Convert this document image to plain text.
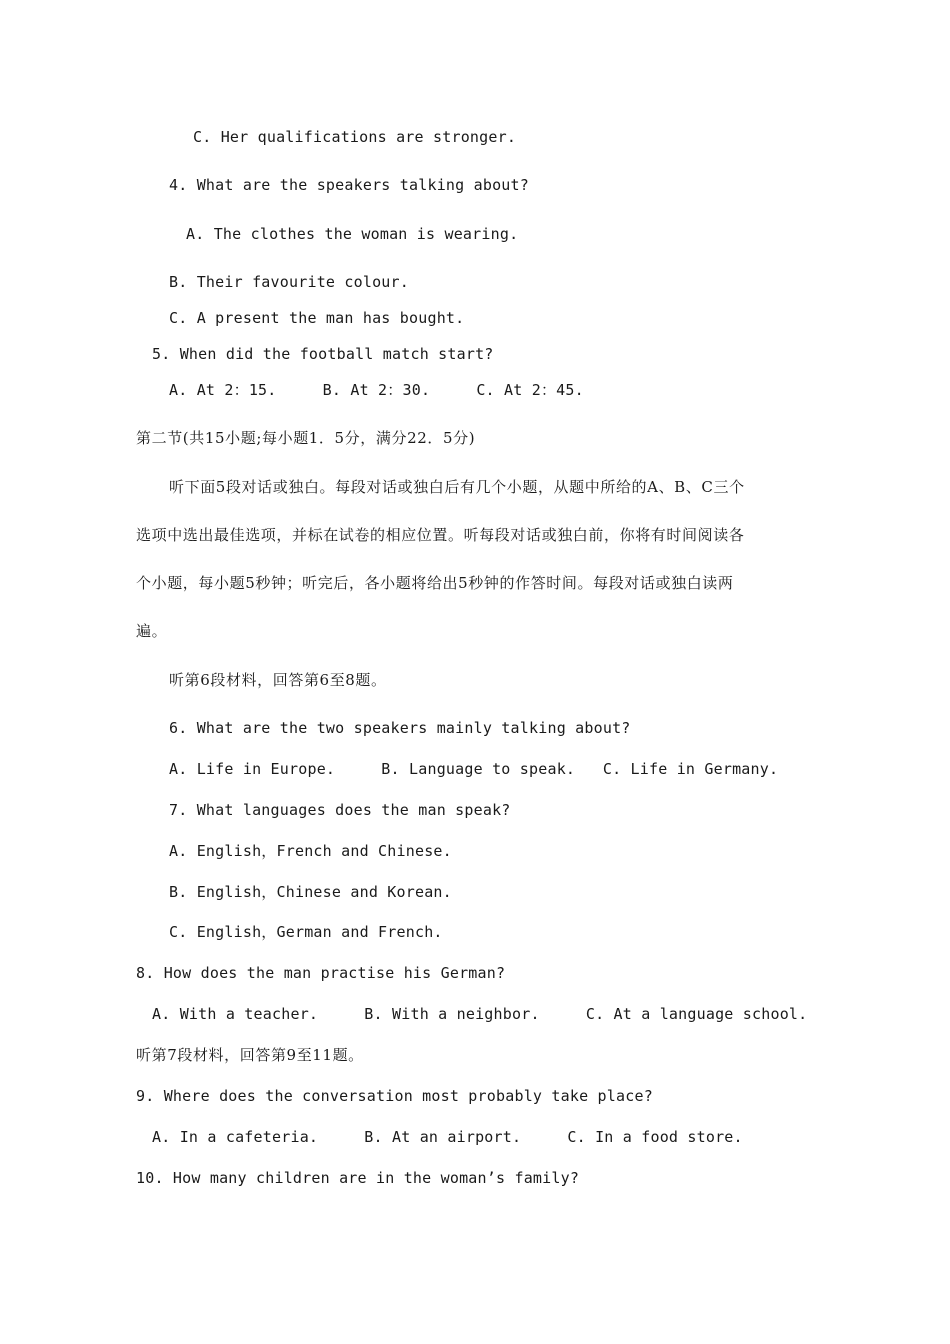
C. Her qualifications are stronger.
4. What are the speakers talking about?
A. The clothes the woman is wearing.
B. Their favourite colour.
C. A present the man has bought.
5. When did the football match start?
A. At 2：15.     B. At 2：30.     C. At 2：45.
第二节(共15小题;每小题1．5分，满分22．5分)
听下面5段对话或独白。每段对话或独白后有几个小题，从题中所给的A、B、C三个
选项中选出最佳选项，并标在试卷的相应位置。听每段对话或独白前，你将有时间阅读各
个小题，每小题5秒钟；听完后，各小题将给出5秒钟的作答时间。每段对话或独白读两
遍。
听第6段材料，回答第6至8题。
6. What are the two speakers mainly talking about?
A. Life in Europe.     B. Language to speak.   C. Life in Germany.
7. What languages does the man speak?
A. English，French and Chinese.
B. English，Chinese and Korean.
C. English，German and French.
8. How does the man practise his German?
A. With a teacher.     B. With a neighbor.     C. At a language school.
听第7段材料，回答第9至11题。
9. Where does the conversation most probably take place?
A. In a cafeteria.     B. At an airport.     C. In a food store.
10. How many children are in the woman’s family?
